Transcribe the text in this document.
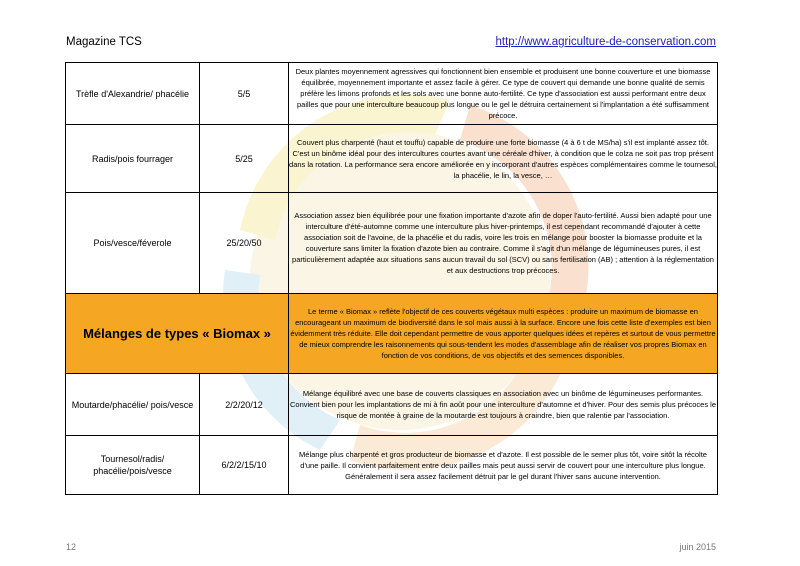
Magazine TCS	http://www.agriculture-de-conservation.com
Trèfle d'Alexandrie/ phacélie	5/5	Deux plantes moyennement agressives qui fonctionnent bien ensemble et produisent une bonne couverture et une biomasse équilibrée, moyennement importante et assez facile à gérer. Ce type de couvert qui demande une bonne qualité de semis préfère les limons profonds et les sols avec une bonne auto-fertilité. Ce type d'association est aussi performant entre deux pailles que pour une interculture beaucoup plus longue ou le gel le détruira certainement si l'implantation a été suffisamment précoce.
Radis/pois fourrager	5/25	Couvert plus charpenté (haut et touffu) capable de produire une forte biomasse (4 à 6 t de MS/ha) s'il est implanté assez tôt. C'est un binôme idéal pour des intercultures courtes avant une céréale d'hiver, à condition que le colza ne soit pas trop présent dans la rotation. La performance sera encore améliorée en y incorporant d'autres espèces complémentaires comme le tournesol, la phacélie, le lin, la vesce, …
Pois/vesce/féverole	25/20/50	Association assez bien équilibrée pour une fixation importante d'azote afin de doper l'auto-fertilité. Aussi bien adapté pour une interculture d'été-automne comme une interculture plus hiver-printemps, il est cependant recommandé d'ajouter à cette association soit de l'avoine, de la phacélie et du radis, voire les trois en mélange pour booster la biomasse produite et la couverture sans limiter la fixation d'azote bien au contraire. Comme il s'agit d'un mélange de légumineuses pures, il est particulièrement adaptée aux situations sans aucun travail du sol (SCV) ou sans fertilisation (AB) ; attention à la réglementation et aux destructions trop précoces.
Mélanges de types « Biomax »		Le terme « Biomax » reflète l'objectif de ces couverts végétaux multi espèces : produire un maximum de biomasse en encourageant un maximum de biodiversité dans le sol mais aussi à la surface. Encore une fois cette liste d'exemples est bien évidemment très réduite. Elle doit cependant permettre de vous apporter quelques idées et repères et surtout de vous permettre de mieux comprendre les raisonnements qui sous-tendent les modes d'assemblage afin de réaliser vos propres Biomax en fonction de vos conditions, de vos objectifs et des semences disponibles.
Moutarde/phacélie/ pois/vesce	2/2/20/12	Mélange équilibré avec une base de couverts classiques en association avec un binôme de légumineuses performantes. Convient bien pour les implantations de mi à fin août pour une interculture d'automne et d'hiver. Pour des semis plus précoces le risque de montée à graine de la moutarde est toujours à craindre, bien que ralentie par l'association.
Tournesol/radis/ phacélie/pois/vesce	6/2/2/15/10	Mélange plus charpenté et gros producteur de biomasse et d'azote. Il est possible de le semer plus tôt, voire sitôt la récolte d'une paille. Il convient parfaitement entre deux pailles mais peut aussi servir de couvert pour une interculture plus longue. Généralement il sera assez facilement détruit par le gel durant l'hiver sans aucune intervention.
12	juin 2015
